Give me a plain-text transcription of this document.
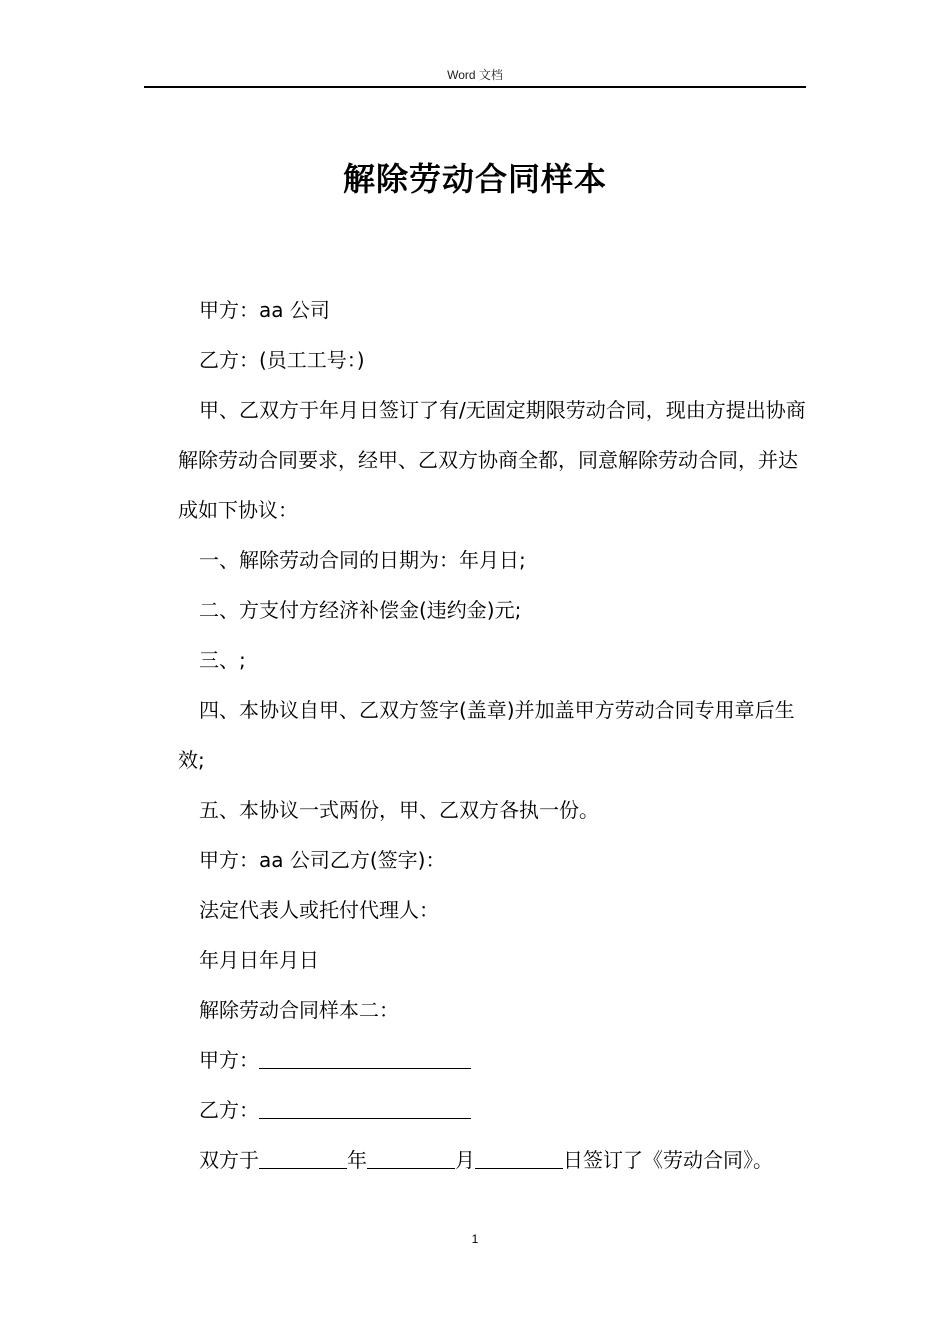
Word 文档
解除劳动合同样本

甲方：aa 公司

乙方：(员工工号：)

甲、乙双方于年月日签订了有/无固定期限劳动合同，现由方提出协商解除劳动合同要求，经甲、乙双方协商全都，同意解除劳动合同，并达成如下协议：

一、解除劳动合同的日期为：年月日;

二、方支付方经济补偿金(违约金)元;

三、;

四、本协议自甲、乙双方签字(盖章)并加盖甲方劳动合同专用章后生效;

五、本协议一式两份，甲、乙双方各执一份。

甲方：aa 公司乙方(签字)：

法定代表人或托付代理人：

年月日年月日

解除劳动合同样本二：

甲方：

乙方：

双方于	年	月	日签订了《劳动合同》。

1
